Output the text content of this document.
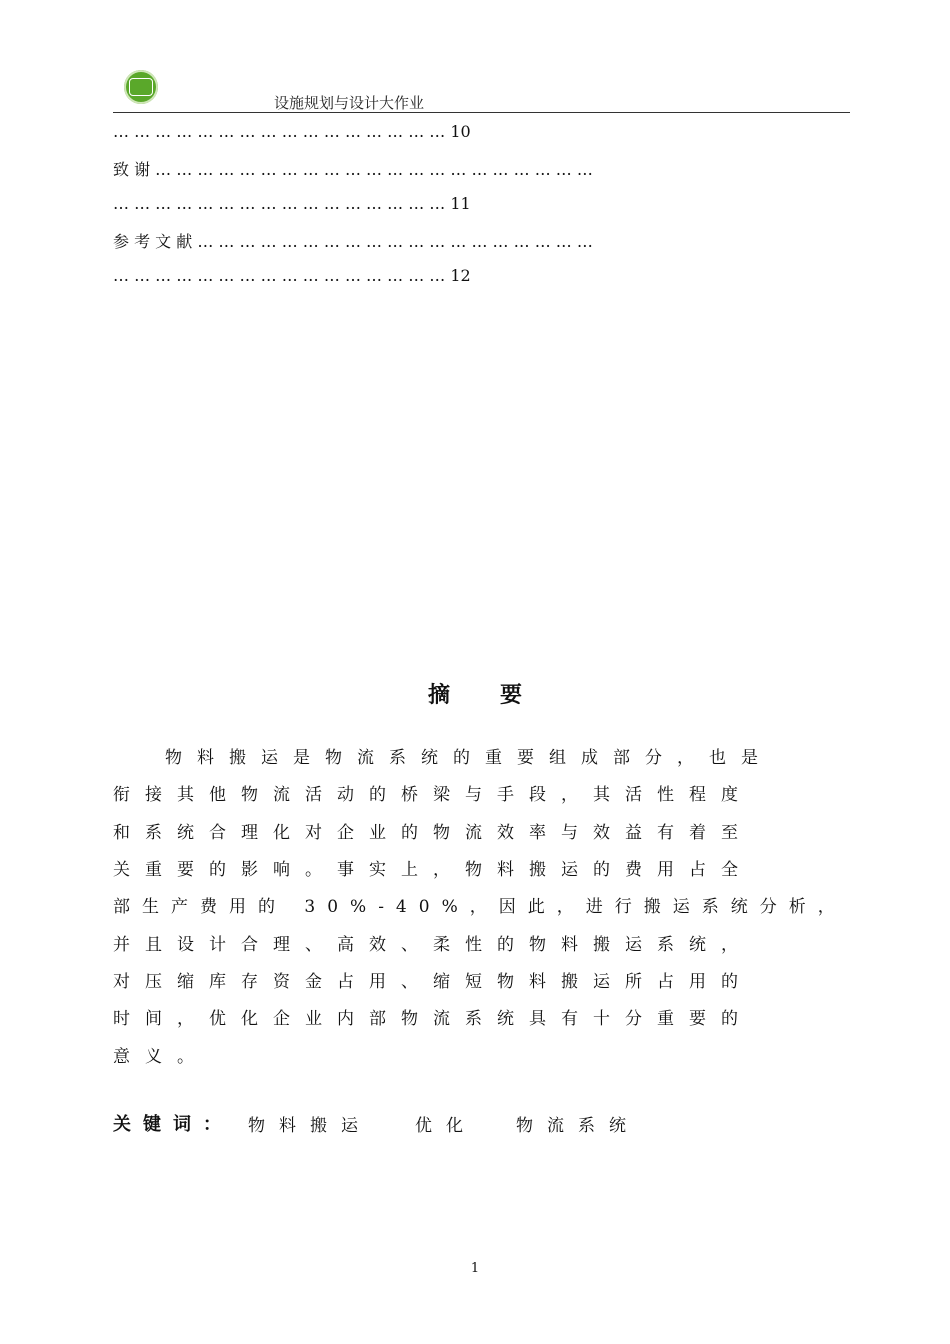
设施规划与设计大作业
… … … … … … … … … … … … … … … … 10
致 谢 … … … … … … … … … … … … … … … … … … … … …
… … … … … … … … … … … … … … … … 11
参 考 文 献 … … … … … … … … … … … … … … … … … … …
… … … … … … … … … … … … … … … … 12
摘要
物料搬运是物流系统的重要组成部分，也是
衔接其他物流活动的桥梁与手段，其活性程度
和系统合理化对企业的物流效率与效益有着至
关重要的影响。事实上，物料搬运的费用占全
部生产费用的 30%-40%，因此，进行搬运系统分析，
并且设计合理、高效、柔性的物料搬运系统，
对压缩库存资金占用、缩短物料搬运所占用的
时间，优化企业内部物流系统具有十分重要的
意义。
关键词： 物料搬运	优化 物流系统
1
